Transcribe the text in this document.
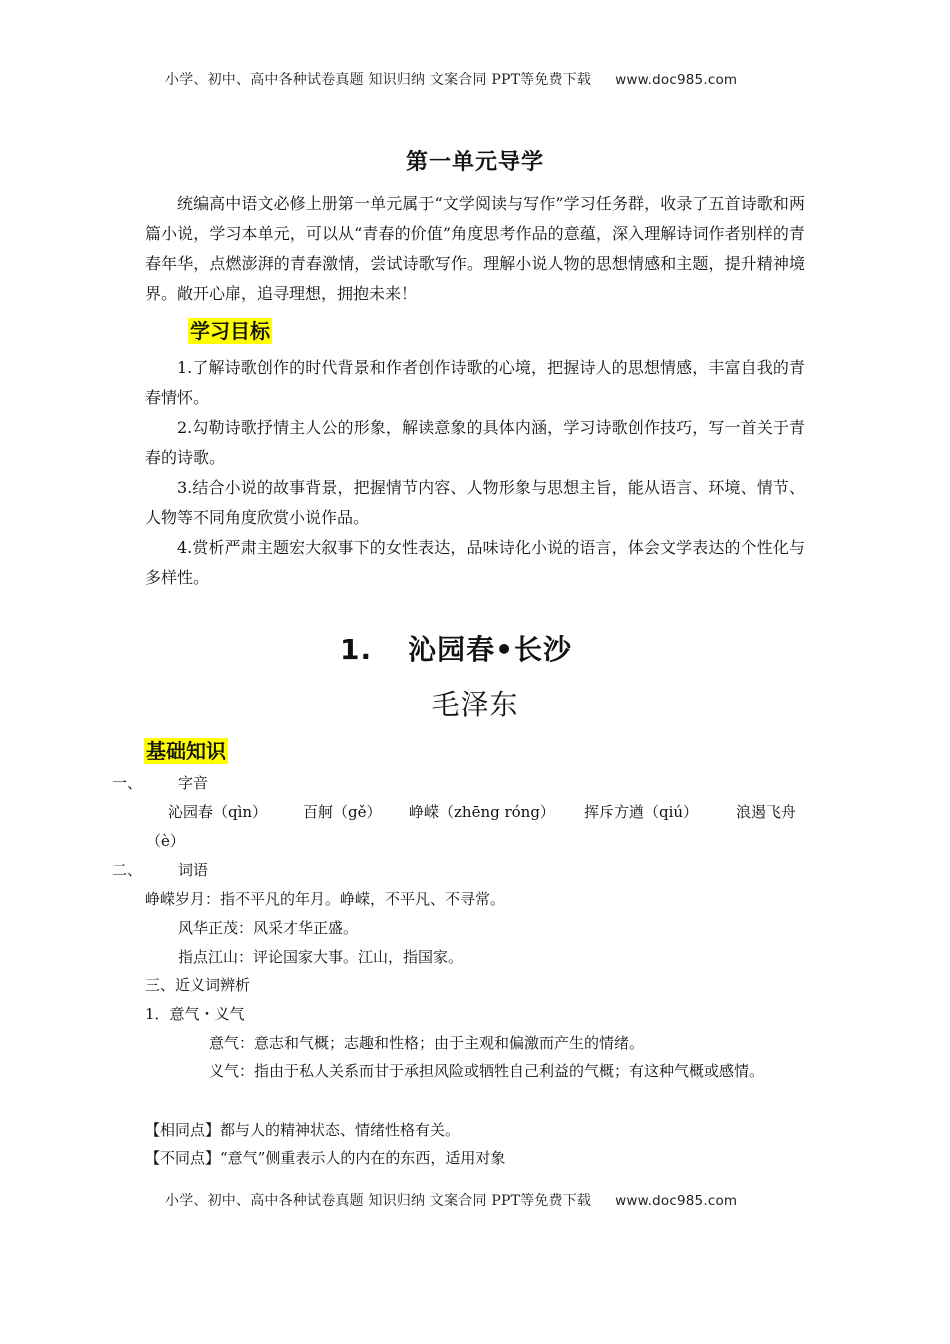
小学、初中、高中各种试卷真题 知识归纳 文案合同 PPT等免费下载 www.doc985.com
第一单元导学
统编高中语文必修上册第一单元属于“文学阅读与写作”学习任务群，收录了五首诗歌和两篇小说，学习本单元，可以从“青春的价值”角度思考作品的意蕴，深入理解诗词作者别样的青春年华，点燃澎湃的青春激情，尝试诗歌写作。理解小说人物的思想情感和主题，提升精神境界。敞开心扉，追寻理想，拥抱未来！
学习目标
1.了解诗歌创作的时代背景和作者创作诗歌的心境，把握诗人的思想情感，丰富自我的青春情怀。
2.勾勒诗歌抒情主人公的形象，解读意象的具体内涵，学习诗歌创作技巧，写一首关于青春的诗歌。
3.结合小说的故事背景，把握情节内容、人物形象与思想主旨，能从语言、环境、情节、人物等不同角度欣赏小说作品。
4.赏析严肃主题宏大叙事下的女性表达，品味诗化小说的语言，体会文学表达的个性化与多样性。
1. 沁园春•长沙
毛泽东
基础知识
一、 字音
沁园春（qìn） 百舸（gě） 峥嵘（zhēng róng） 挥斥方遒（qiú）	浪遏飞舟
（è）
二、 词语
峥嵘岁月：指不平凡的年月。峥嵘，不平凡、不寻常。
风华正茂：风采才华正盛。
指点江山：评论国家大事。江山，指国家。
三、近义词辨析
1．意气・义气
意气：意志和气概；志趣和性格；由于主观和偏激而产生的情绪。
义气：指由于私人关系而甘于承担风险或牺牲自己利益的气概；有这种气概或感情。
【相同点】都与人的精神状态、情绪性格有关。
【不同点】“意气”侧重表示人的内在的东西，适用对象
小学、初中、高中各种试卷真题 知识归纳 文案合同 PPT等免费下载 www.doc985.com
